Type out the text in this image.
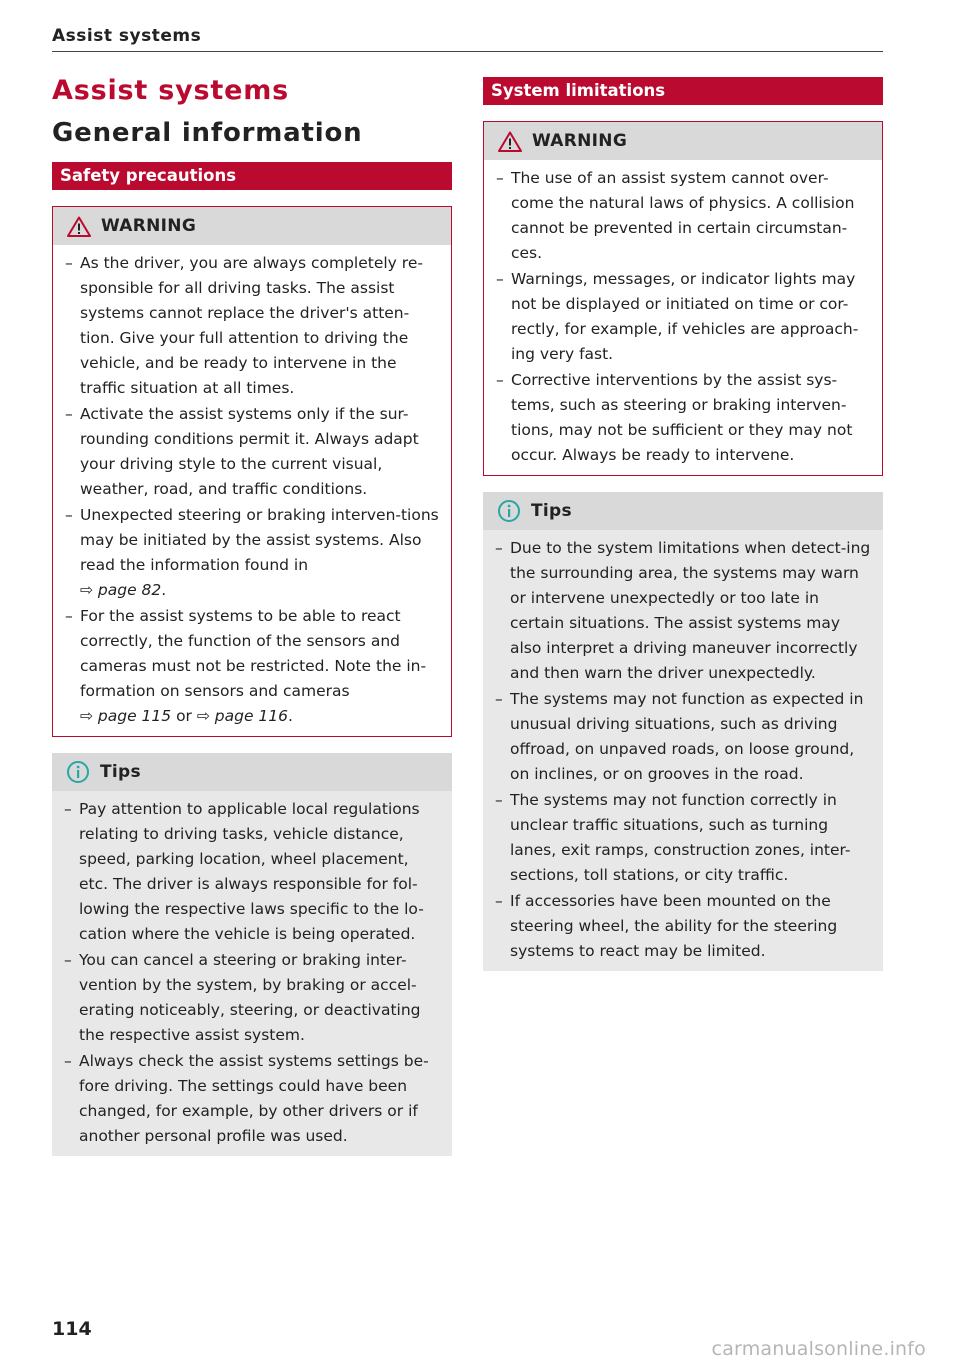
Assist systems
Assist systems
General information
Safety precautions
WARNING
– As the driver, you are always completely re-sponsible for all driving tasks. The assist systems cannot replace the driver's atten-tion. Give your full attention to driving the vehicle, and be ready to intervene in the traffic situation at all times.
– Activate the assist systems only if the sur-rounding conditions permit it. Always adapt your driving style to the current visual, weather, road, and traffic conditions.
– Unexpected steering or braking interven-tions may be initiated by the assist systems. Also read the information found in
⇨ page 82.
– For the assist systems to be able to react correctly, the function of the sensors and cameras must not be restricted. Note the in-formation on sensors and cameras
⇨ page 115 or ⇨ page 116.
Tips
– Pay attention to applicable local regulations relating to driving tasks, vehicle distance, speed, parking location, wheel placement, etc. The driver is always responsible for fol-lowing the respective laws specific to the lo-cation where the vehicle is being operated.
– You can cancel a steering or braking inter-vention by the system, by braking or accel-erating noticeably, steering, or deactivating the respective assist system.
– Always check the assist systems settings be-fore driving. The settings could have been changed, for example, by other drivers or if another personal profile was used.
System limitations
WARNING
– The use of an assist system cannot over-come the natural laws of physics. A collision cannot be prevented in certain circumstan-ces.
– Warnings, messages, or indicator lights may not be displayed or initiated on time or cor-rectly, for example, if vehicles are approach-ing very fast.
– Corrective interventions by the assist sys-tems, such as steering or braking interven-tions, may not be sufficient or they may not occur. Always be ready to intervene.
Tips
– Due to the system limitations when detect-ing the surrounding area, the systems may warn or intervene unexpectedly or too late in certain situations. The assist systems may also interpret a driving maneuver incorrectly and then warn the driver unexpectedly.
– The systems may not function as expected in unusual driving situations, such as driving offroad, on unpaved roads, on loose ground, on inclines, or on grooves in the road.
– The systems may not function correctly in unclear traffic situations, such as turning lanes, exit ramps, construction zones, inter-sections, toll stations, or city traffic.
– If accessories have been mounted on the steering wheel, the ability for the steering systems to react may be limited.
114
carmanualsonline.info
